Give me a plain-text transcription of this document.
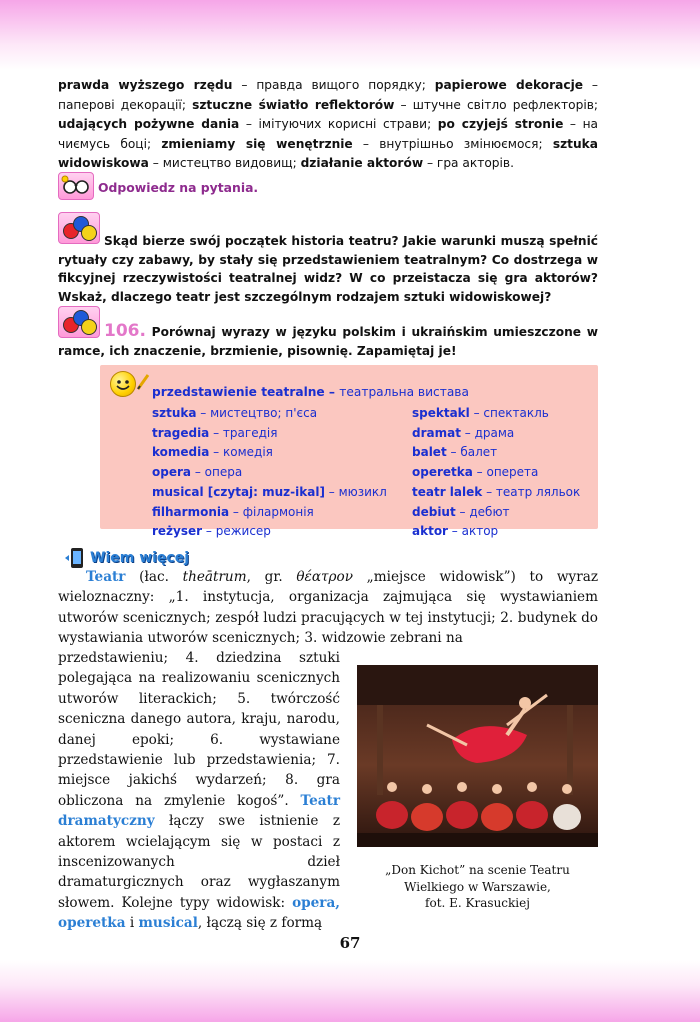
prawda wyższego rzędu – правда вищого порядку; papierowe dekoracje – паперові декорації; sztuczne światło reflektorów – штучне світло рефлекторів; udających pożywne dania – імітуючих корисні страви; po czyjejś stronie – на чиємусь боці; zmieniamy się wenętrznie – внутрішньо змінюємося; sztuka widowiskowa – мистецтво видовищ; działanie aktorów – гра акторів.
Odpowiedz na pytania.
Skąd bierze swój początek historia teatru? Jakie warunki muszą spełnić rytuały czy zabawy, by stały się przedstawieniem teatralnym? Co dostrzega w fikcyjnej rzeczywistości teatralnej widz? W co przeistacza się gra aktorów? Wskaż, dlaczego teatr jest szczególnym rodzajem sztuki widowiskowej?
106. Porównaj wyrazy w języku polskim i ukraińskim umieszczone w ramce, ich znaczenie, brzmienie, pisownię. Zapamiętaj je!
przedstawienie teatralne – театральна вистава
sztuka – мистецтво; п'єса
tragedia – трагедія
komedia – комедія
opera – опера
musical [czytaj: muz-ikal] – мюзикл
filharmonia – філармонія
reżyser – режисер
spektakl – спектакль
dramat – драма
balet – балет
operetka – оперета
teatr lalek – театр ляльок
debiut – дебют
aktor – актор
Wiem więcej
Teatr (łac. theātrum, gr. θέατρον „miejsce widowisk”) to wyraz wieloznaczny: „1. instytucja, organizacja zajmująca się wystawianiem utworów scenicznych; zespół ludzi pracujących w tej instytucji; 2. budynek do wystawiania utworów scenicznych; 3. widzowie zebrani na
przedstawieniu; 4. dziedzina sztuki polegająca na realizowaniu scenicznych utworów literackich; 5. twórczość sceniczna danego autora, kraju, narodu, danej epoki; 6. wystawiane przedstawienie lub przedstawienia; 7. miejsce jakichś wydarzeń; 8. gra obliczona na zmylenie kogoś”. Teatr dramatyczny łączy swe istnienie z aktorem wcielającym się w postaci z inscenizowanych dzieł dramaturgicznych oraz wygłaszanym słowem. Kolejne typy widowisk: opera, operetka i musical, łączą się z formą
„Don Kichot” na scenie Teatru
Wielkiego w Warszawie,
fot. E. Krasuckiej
67
